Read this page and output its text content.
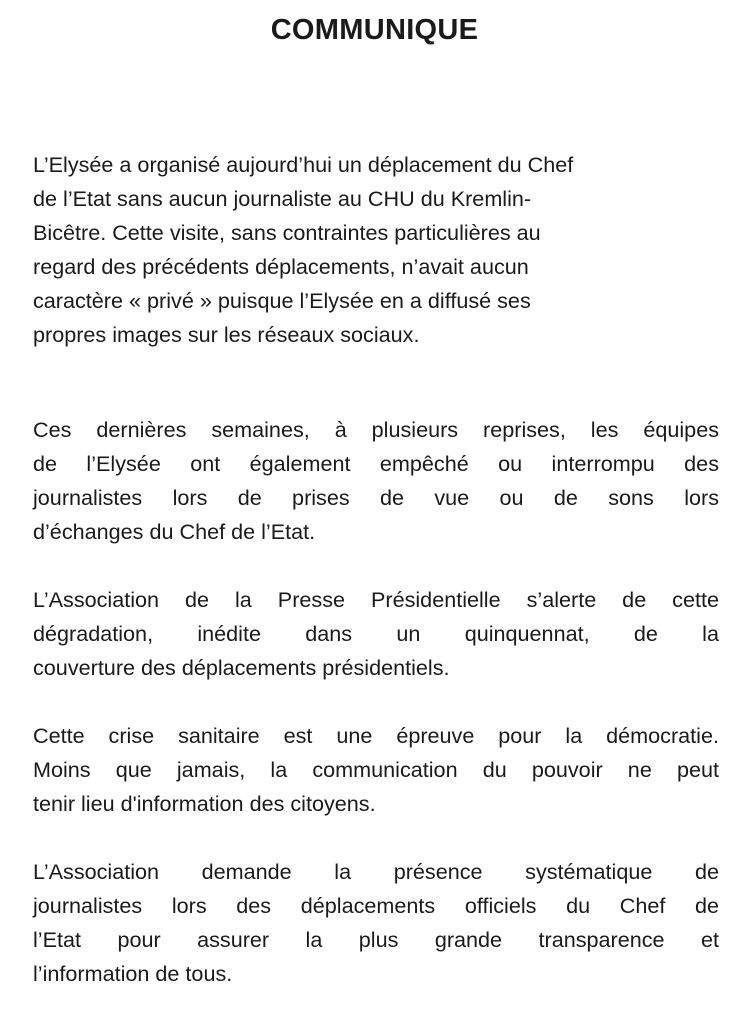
COMMUNIQUE
L’Elysée a organisé aujourd’hui un déplacement du Chef
de l’Etat sans aucun journaliste au CHU du Kremlin-
Bicêtre. Cette visite, sans contraintes particulières au
regard des précédents déplacements, n’avait aucun
caractère « privé » puisque l’Elysée en a diffusé ses
propres images sur les réseaux sociaux.
Ces dernières semaines, à plusieurs reprises, les équipes
de l’Elysée ont également empêché ou interrompu des
journalistes lors de prises de vue ou de sons lors
d’échanges du Chef de l’Etat.
L’Association de la Presse Présidentielle s’alerte de cette
dégradation, inédite dans un quinquennat, de la
couverture des déplacements présidentiels.
Cette crise sanitaire est une épreuve pour la démocratie.
Moins que jamais, la communication du pouvoir ne peut
tenir lieu d'information des citoyens.
L’Association demande la présence systématique de
journalistes lors des déplacements officiels du Chef de
l’Etat pour assurer la plus grande transparence et
l’information de tous.
